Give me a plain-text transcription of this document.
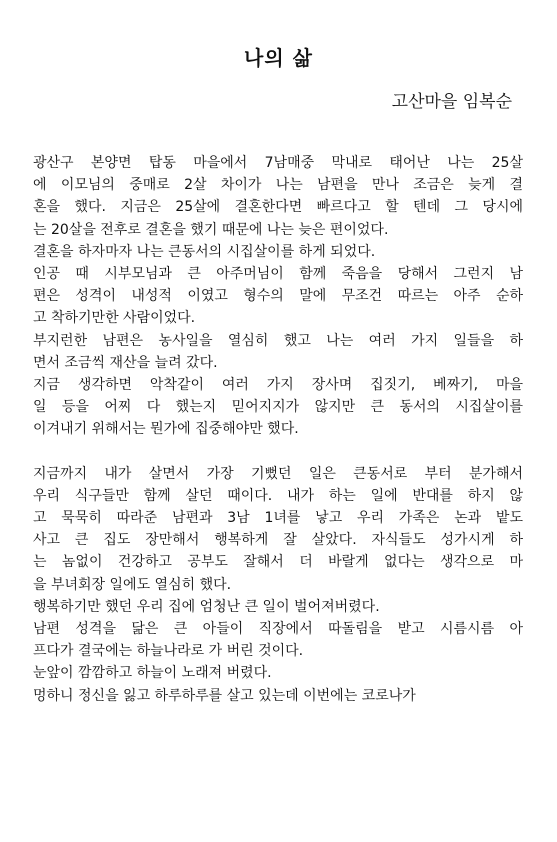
나의 삶
고산마을 임복순
광산구 본양면 탑동 마을에서 7남매중 막내로 태어난 나는 25살
에 이모님의 중매로 2살 차이가 나는 남편을 만나 조금은 늦게 결
혼을 했다. 지금은 25살에 결혼한다면 빠르다고 할 텐데 그 당시에
는 20살을 전후로 결혼을 했기 때문에 나는 늦은 편이었다.
결혼을 하자마자 나는 큰동서의 시집살이를 하게 되었다.
인공 때 시부모님과 큰 아주머님이 함께 죽음을 당해서 그런지 남
편은 성격이 내성적 이였고 형수의 말에 무조건 따르는 아주 순하
고 착하기만한 사람이었다.
부지런한 남편은 농사일을 열심히 했고 나는 여러 가지 일들을 하
면서 조금씩 재산을 늘려 갔다.
지금 생각하면 악착같이 여러 가지 장사며 집짓기, 베짜기, 마을
일 등을 어찌 다 했는지 믿어지지가 않지만 큰 동서의 시집살이를
이겨내기 위해서는 뭔가에 집중해야만 했다.
지금까지 내가 살면서 가장 기뻤던 일은 큰동서로 부터 분가해서
우리 식구들만 함께 살던 때이다. 내가 하는 일에 반대를 하지 않
고 묵묵히 따라준 남편과 3남 1녀를 낳고 우리 가족은 논과 밭도
사고 큰 집도 장만해서 행복하게 잘 살았다. 자식들도 성가시게 하
는 놈없이 건강하고 공부도 잘해서 더 바랄게 없다는 생각으로 마
을 부녀회장 일에도 열심히 했다.
행복하기만 했던 우리 집에 엄청난 큰 일이 벌어져버렸다.
남편 성격을 닮은 큰 아들이 직장에서 따돌림을 받고 시름시름 아
프다가 결국에는 하늘나라로 가 버린 것이다.
눈앞이 깜깜하고 하늘이 노래져 버렸다.
멍하니 정신을 잃고 하루하루를 살고 있는데 이번에는 코로나가
